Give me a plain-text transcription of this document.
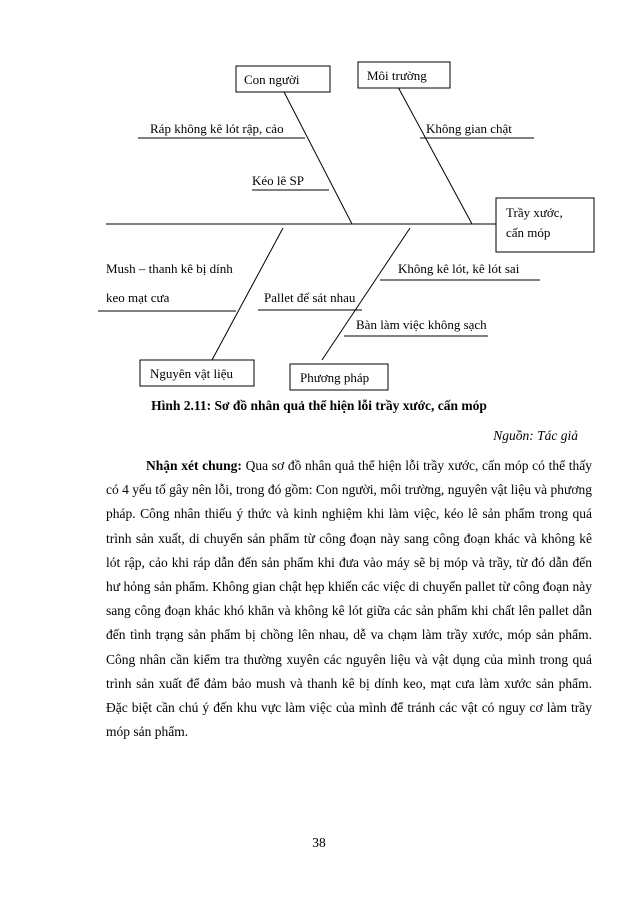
Con người	Môi trường
Nguyên vật liệu	Phương pháp
Trầy xước,
cấn móp
Ráp không kê lót rập, cảo	Không gian chật
Kéo lê SP
Mush – thanh kê bị dính
keo mạt cưa
Không kê lót, kê lót sai
Pallet để sát nhau
Bàn làm việc không sạch
Hình 2.11: Sơ đồ nhân quả thể hiện lỗi trầy xước, cấn móp
Nguồn: Tác giả

Nhận xét chung: Qua sơ đồ nhân quả thể hiện lỗi trầy xước, cấn móp có thể thấy có 4 yếu tố gây nên lỗi, trong đó gồm: Con người, môi trường, nguyên vật liệu và phương pháp. Công nhân thiếu ý thức và kinh nghiệm khi làm việc, kéo lê sản phẩm trong quá trình sản xuất, di chuyển sản phẩm từ công đoạn này sang công đoạn khác và không kê lót rập, cảo khi ráp dẫn đến sản phẩm khi đưa vào máy sẽ bị móp và trầy, từ đó dẫn đến hư hỏng sản phẩm. Không gian chật hẹp khiến các việc di chuyển pallet từ công đoạn này sang công đoạn khác khó khăn và không kê lót giữa các sản phẩm khi chất lên pallet dẫn đến tình trạng sản phẩm bị chồng lên nhau, dễ va chạm làm trầy xước, móp sản phẩm. Công nhân cần kiểm tra thường xuyên các nguyên liệu và vật dụng của mình trong quá trình sản xuất để đảm bảo mush và thanh kê bị dính keo, mạt cưa làm xước sản phẩm. Đặc biệt cần chú ý đến khu vực làm việc của mình để tránh các vật có nguy cơ làm trầy móp sản phẩm.

38
